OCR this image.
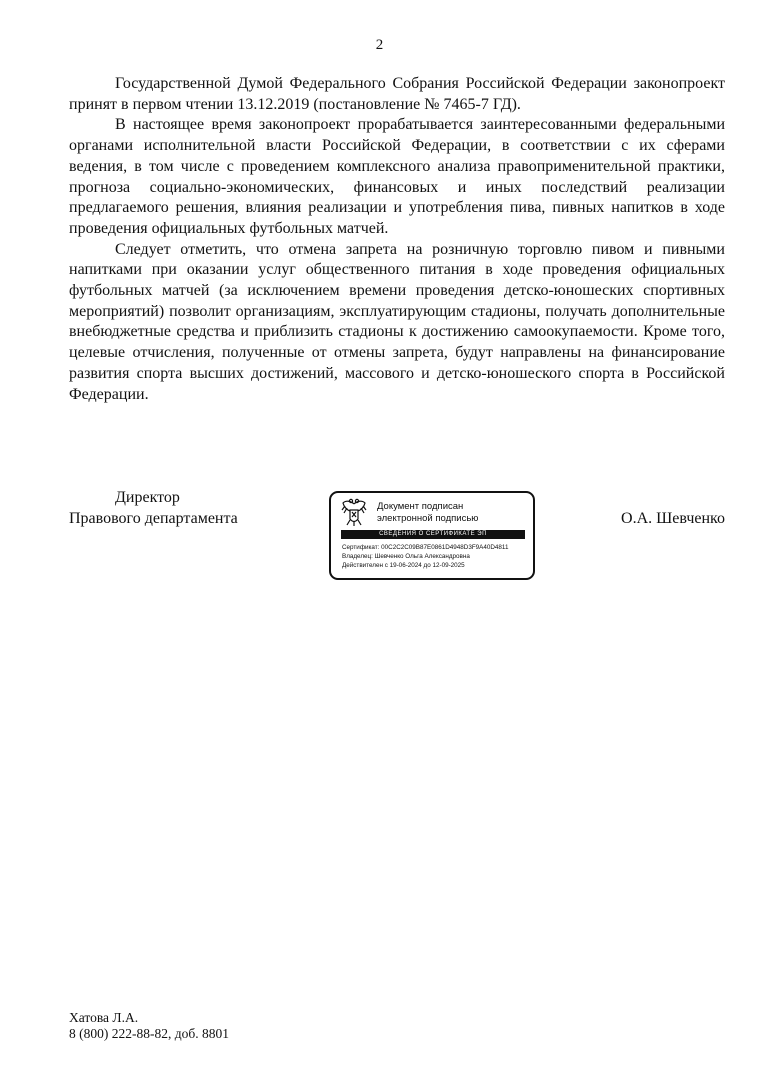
2

Государственной Думой Федерального Собрания Российской Федерации законопроект принят в первом чтении 13.12.2019 (постановление № 7465-7 ГД).

В настоящее время законопроект прорабатывается заинтересованными федеральными органами исполнительной власти Российской Федерации, в соответствии с их сферами ведения, в том числе с проведением комплексного анализа правоприменительной практики, прогноза социально-экономических, финансовых и иных последствий реализации предлагаемого решения, влияния реализации и употребления пива, пивных напитков в ходе проведения официальных футбольных матчей.

Следует отметить, что отмена запрета на розничную торговлю пивом и пивными напитками при оказании услуг общественного питания в ходе проведения официальных футбольных матчей (за исключением времени проведения детско-юношеских спортивных мероприятий) позволит организациям, эксплуатирующим стадионы, получать дополнительные внебюджетные средства и приблизить стадионы к достижению самоокупаемости. Кроме того, целевые отчисления, полученные от отмены запрета, будут направлены на финансирование развития спорта высших достижений, массового и детско-юношеского спорта в Российской Федерации.

Директор
Правового департамента
Документ подписан
электронной подписью
СВЕДЕНИЯ О СЕРТИФИКАТЕ ЭП
Сертификат: 00C2C2C09B87E0861D4948D3F9A40D4811
Владелец: Шевченко Ольга Александровна
Действителен с 19-06-2024 до 12-09-2025
О.А. Шевченко
Хатова Л.А.
8 (800) 222-88-82, доб. 8801
